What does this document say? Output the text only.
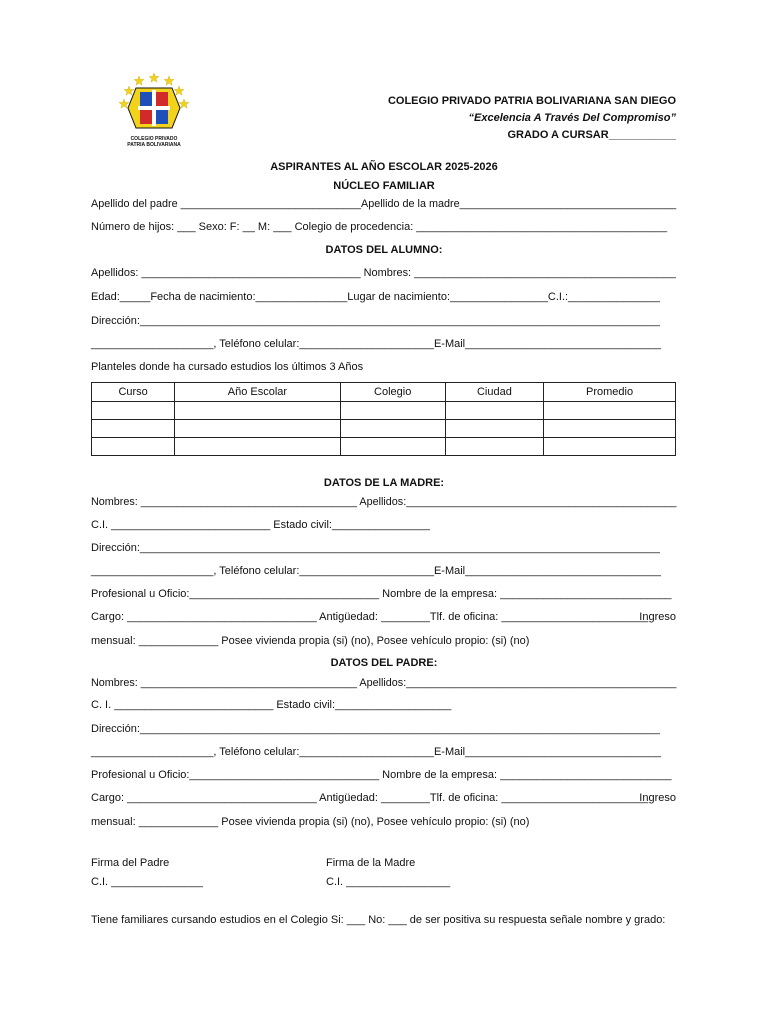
COLEGIO PRIVADO
PATRIA BOLIVARIANA
COLEGIO PRIVADO PATRIA BOLIVARIANA SAN DIEGO
“Excelencia A Través Del Compromiso”
GRADO A CURSAR___________
ASPIRANTES AL AÑO ESCOLAR 2025-2026
NÚCLEO FAMILIAR
Apellido del padre ______________________________Apellido de la madre____________________________________
Número de hijos: ___ Sexo: F: __ M: ___ Colegio de procedencia: _________________________________________
DATOS DEL ALUMNO:
Apellidos: ____________________________________ Nombres: ___________________________________________
Edad:_____Fecha de nacimiento:_______________Lugar de nacimiento:________________C.I.:_______________
Dirección:_____________________________________________________________________________________
____________________, Teléfono celular:______________________E-Mail________________________________
Planteles donde ha cursado estudios los últimos 3 Años
Curso	Año Escolar	Colegio	Ciudad	Promedio

DATOS DE LA MADRE:
Nombres: ____________________________________ Apellidos:_____________________________________________
C.I. __________________________ Estado civil:________________
Dirección:_____________________________________________________________________________________
____________________, Teléfono celular:______________________E-Mail________________________________
Profesional u Oficio:_______________________________ Nombre de la empresa: ____________________________
Cargo: _______________________________ Antigüedad: ________Tlf. de oficina: ________________________
Ingreso
mensual: _____________ Posee vivienda propia (si) (no), Posee vehículo propio: (si) (no)
DATOS DEL PADRE:
Nombres: ____________________________________ Apellidos:_____________________________________________
C. I. __________________________ Estado civil:___________________
Dirección:_____________________________________________________________________________________
____________________, Teléfono celular:______________________E-Mail________________________________
Profesional u Oficio:_______________________________ Nombre de la empresa: ____________________________
Cargo: _______________________________ Antigüedad: ________Tlf. de oficina: ________________________
Ingreso
mensual: _____________ Posee vivienda propia (si) (no), Posee vehículo propio: (si) (no)
Firma del Padre
C.I. _______________
Firma de la Madre
C.I. _________________
Tiene familiares cursando estudios en el Colegio Si: ___ No: ___ de ser positiva su respuesta señale nombre y grado:
